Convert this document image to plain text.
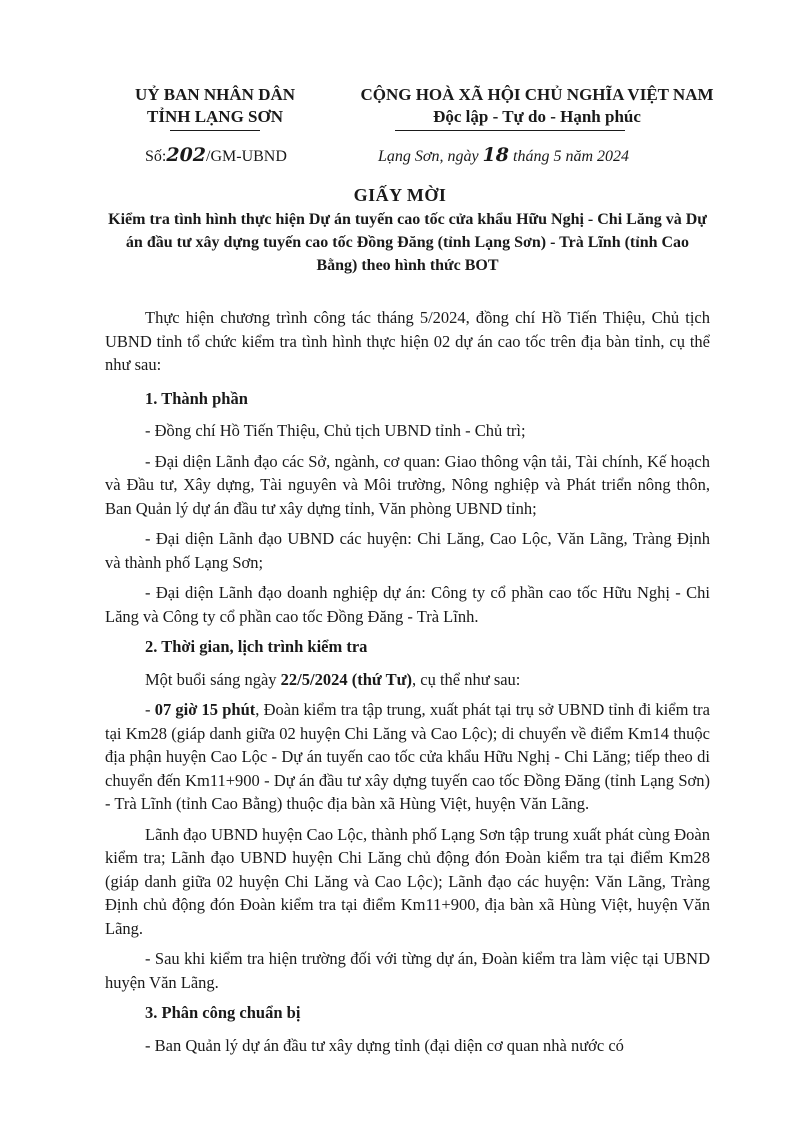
UỶ BAN NHÂN DÂN
TỈNH LẠNG SƠN
CỘNG HOÀ XÃ HỘI CHỦ NGHĨA VIỆT NAM
Độc lập - Tự do - Hạnh phúc
Số:202/GM-UBND	Lạng Sơn, ngày 18 tháng 5 năm 2024
GIẤY MỜI
Kiểm tra tình hình thực hiện Dự án tuyến cao tốc cửa khẩu Hữu Nghị - Chi Lăng và Dự án đầu tư xây dựng tuyến cao tốc Đồng Đăng (tỉnh Lạng Sơn) - Trà Lĩnh (tỉnh Cao Bằng) theo hình thức BOT

Thực hiện chương trình công tác tháng 5/2024, đồng chí Hồ Tiến Thiệu, Chủ tịch UBND tỉnh tổ chức kiểm tra tình hình thực hiện 02 dự án cao tốc trên địa bàn tỉnh, cụ thể như sau:

1. Thành phần

- Đồng chí Hồ Tiến Thiệu, Chủ tịch UBND tỉnh - Chủ trì;

- Đại diện Lãnh đạo các Sở, ngành, cơ quan: Giao thông vận tải, Tài chính, Kế hoạch và Đầu tư, Xây dựng, Tài nguyên và Môi trường, Nông nghiệp và Phát triển nông thôn, Ban Quản lý dự án đầu tư xây dựng tỉnh, Văn phòng UBND tỉnh;

- Đại diện Lãnh đạo UBND các huyện: Chi Lăng, Cao Lộc, Văn Lãng, Tràng Định và thành phố Lạng Sơn;

- Đại diện Lãnh đạo doanh nghiệp dự án: Công ty cổ phần cao tốc Hữu Nghị - Chi Lăng và Công ty cổ phần cao tốc Đồng Đăng - Trà Lĩnh.

2. Thời gian, lịch trình kiểm tra

Một buổi sáng ngày 22/5/2024 (thứ Tư), cụ thể như sau:

- 07 giờ 15 phút, Đoàn kiểm tra tập trung, xuất phát tại trụ sở UBND tỉnh đi kiểm tra tại Km28 (giáp danh giữa 02 huyện Chi Lăng và Cao Lộc); di chuyển về điểm Km14 thuộc địa phận huyện Cao Lộc - Dự án tuyến cao tốc cửa khẩu Hữu Nghị - Chi Lăng; tiếp theo di chuyển đến Km11+900 - Dự án đầu tư xây dựng tuyến cao tốc Đồng Đăng (tỉnh Lạng Sơn) - Trà Lĩnh (tỉnh Cao Bằng) thuộc địa bàn xã Hùng Việt, huyện Văn Lãng.

Lãnh đạo UBND huyện Cao Lộc, thành phố Lạng Sơn tập trung xuất phát cùng Đoàn kiểm tra; Lãnh đạo UBND huyện Chi Lăng chủ động đón Đoàn kiểm tra tại điểm Km28 (giáp danh giữa 02 huyện Chi Lăng và Cao Lộc); Lãnh đạo các huyện: Văn Lãng, Tràng Định chủ động đón Đoàn kiểm tra tại điểm Km11+900, địa bàn xã Hùng Việt, huyện Văn Lãng.

- Sau khi kiểm tra hiện trường đối với từng dự án, Đoàn kiểm tra làm việc tại UBND huyện Văn Lãng.

3. Phân công chuẩn bị

- Ban Quản lý dự án đầu tư xây dựng tỉnh (đại diện cơ quan nhà nước có
